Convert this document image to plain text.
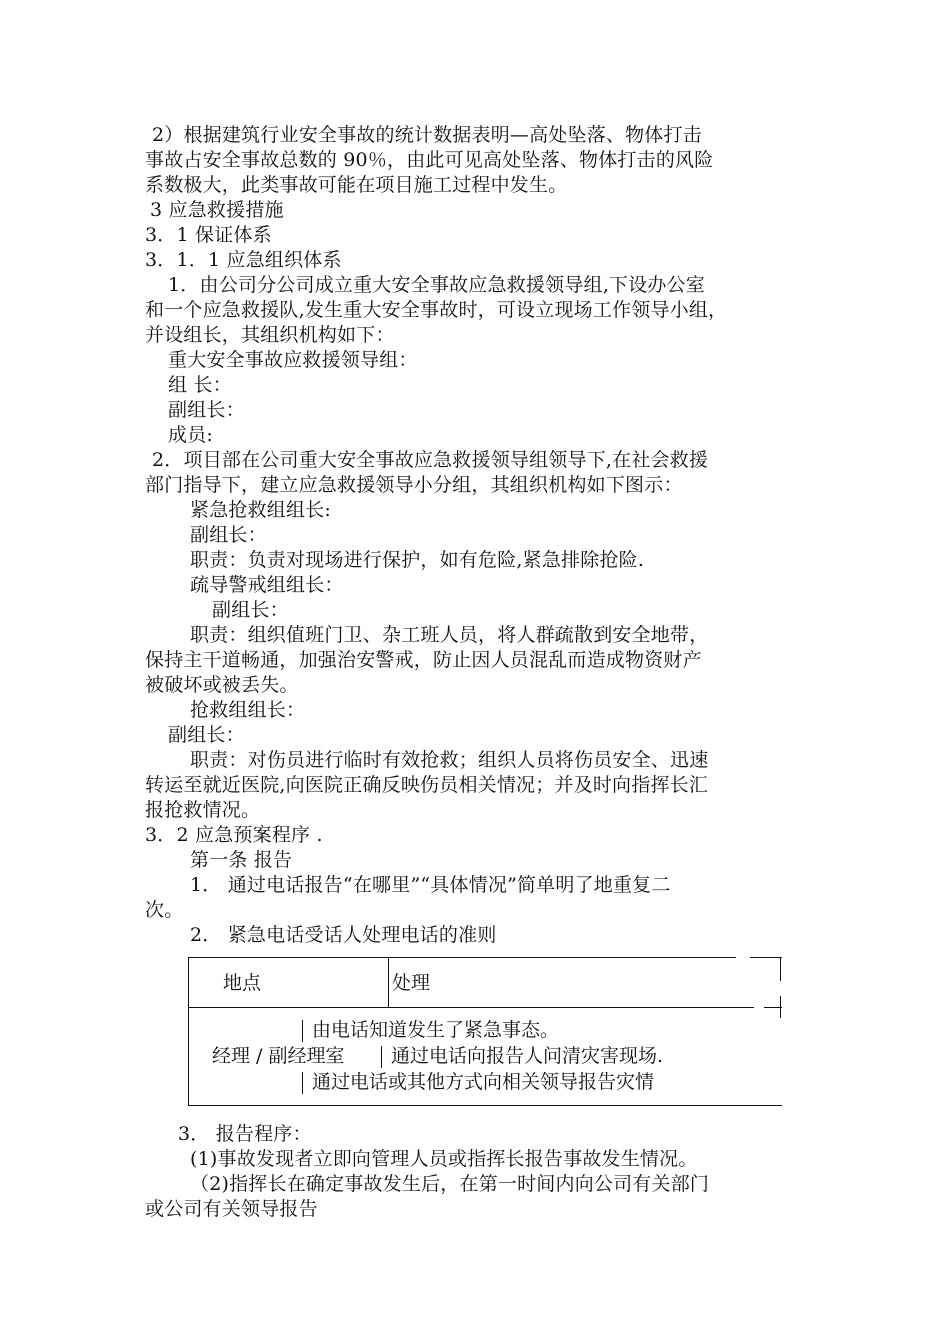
2）根据建筑行业安全事故的统计数据表明—高处坠落、物体打击
事故占安全事故总数的 90％，由此可见高处坠落、物体打击的风险
系数极大，此类事故可能在项目施工过程中发生。
3 应急救援措施
3．1 保证体系
3．1．1 应急组织体系
1．由公司分公司成立重大安全事故应急救援领导组,下设办公室
和一个应急救援队,发生重大安全事故时，可设立现场工作领导小组，
并设组长，其组织机构如下：
重大安全事故应救援领导组：
组 长：
副组长：
成员:
2．项目部在公司重大安全事故应急救援领导组领导下,在社会救援
部门指导下，建立应急救援领导小分组，其组织机构如下图示：
紧急抢救组组长:
副组长：
职责：负责对现场进行保护，如有危险,紧急排除抢险.
疏导警戒组组长：
副组长：
职责：组织值班门卫、杂工班人员，将人群疏散到安全地带，
保持主干道畅通，加强治安警戒，防止因人员混乱而造成物资财产
被破坏或被丢失。
抢救组组长：
副组长：
职责：对伤员进行临时有效抢救；组织人员将伤员安全、迅速
转运至就近医院,向医院正确反映伤员相关情况；并及时向指挥长汇
报抢救情况。
3．2 应急预案程序 .
第一条 报告
1． 通过电话报告“在哪里”“具体情况”简单明了地重复二
次。
2． 紧急电话受话人处理电话的准则
地点	处理
由电话知道发生了紧急事态。
经理 / 副经理室 通过电话向报告人问清灾害现场.
通过电话或其他方式向相关领导报告灾情
3． 报告程序：
(1)事故发现者立即向管理人员或指挥长报告事故发生情况。
（2)指挥长在确定事故发生后，在第一时间内向公司有关部门
或公司有关领导报告
